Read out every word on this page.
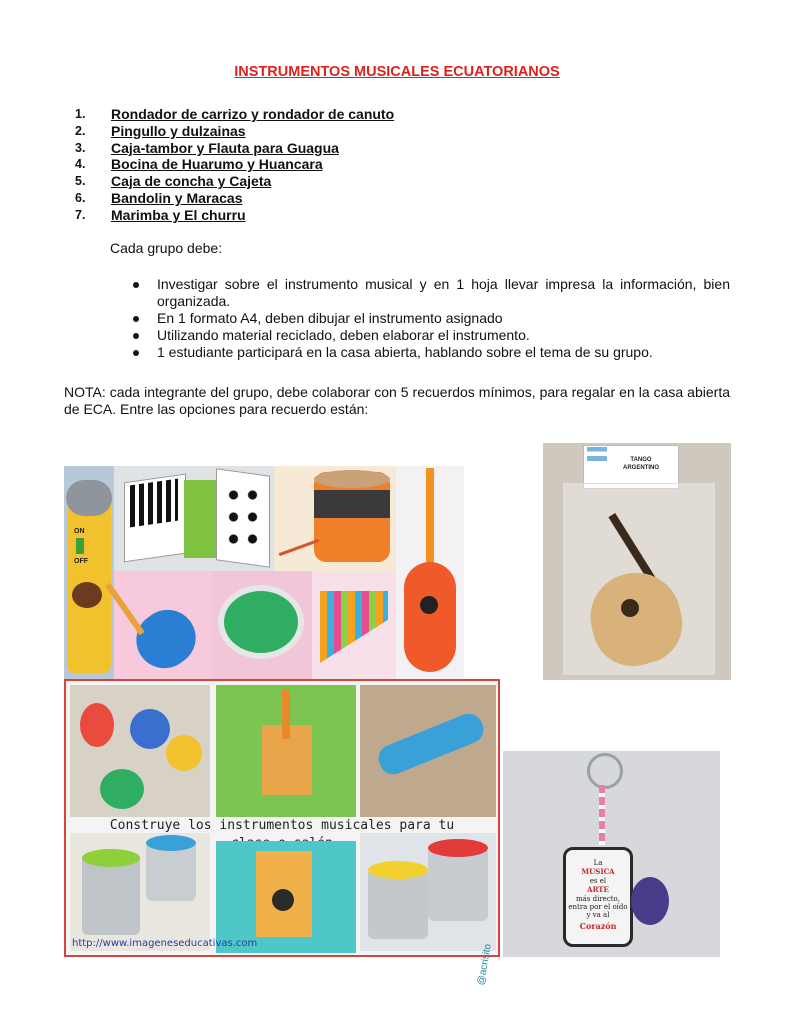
INSTRUMENTOS MUSICALES ECUATORIANOS
1.	Rondador de carrizo y rondador de canuto
2.	Pingullo y dulzainas
3.	Caja-tambor y Flauta para Guagua
4.	Bocina de Huarumo y Huancara
5.	Caja de concha y Cajeta
6.	Bandolin y Maracas
7.	Marimba y El churru
Cada grupo debe:
Investigar sobre el instrumento musical y en 1 hoja llevar impresa la información, bien organizada.
En 1 formato A4, deben dibujar el instrumento asignado
Utilizando material reciclado, deben elaborar el instrumento.
1 estudiante participará en la casa abierta, hablando sobre el tema de su grupo.
NOTA: cada integrante del grupo, debe colaborar con 5 recuerdos mínimos, para regalar en la casa abierta de ECA. Entre las opciones para recuerdo están:
ON
OFF
TANGO
ARGENTINO
Construye los instrumentos musicales para tu
http://www.imageneseducativas.com	@acrisito
La
MUSICA
es el
ARTE
más directo,
entra por el oído
y va al
Corazón
